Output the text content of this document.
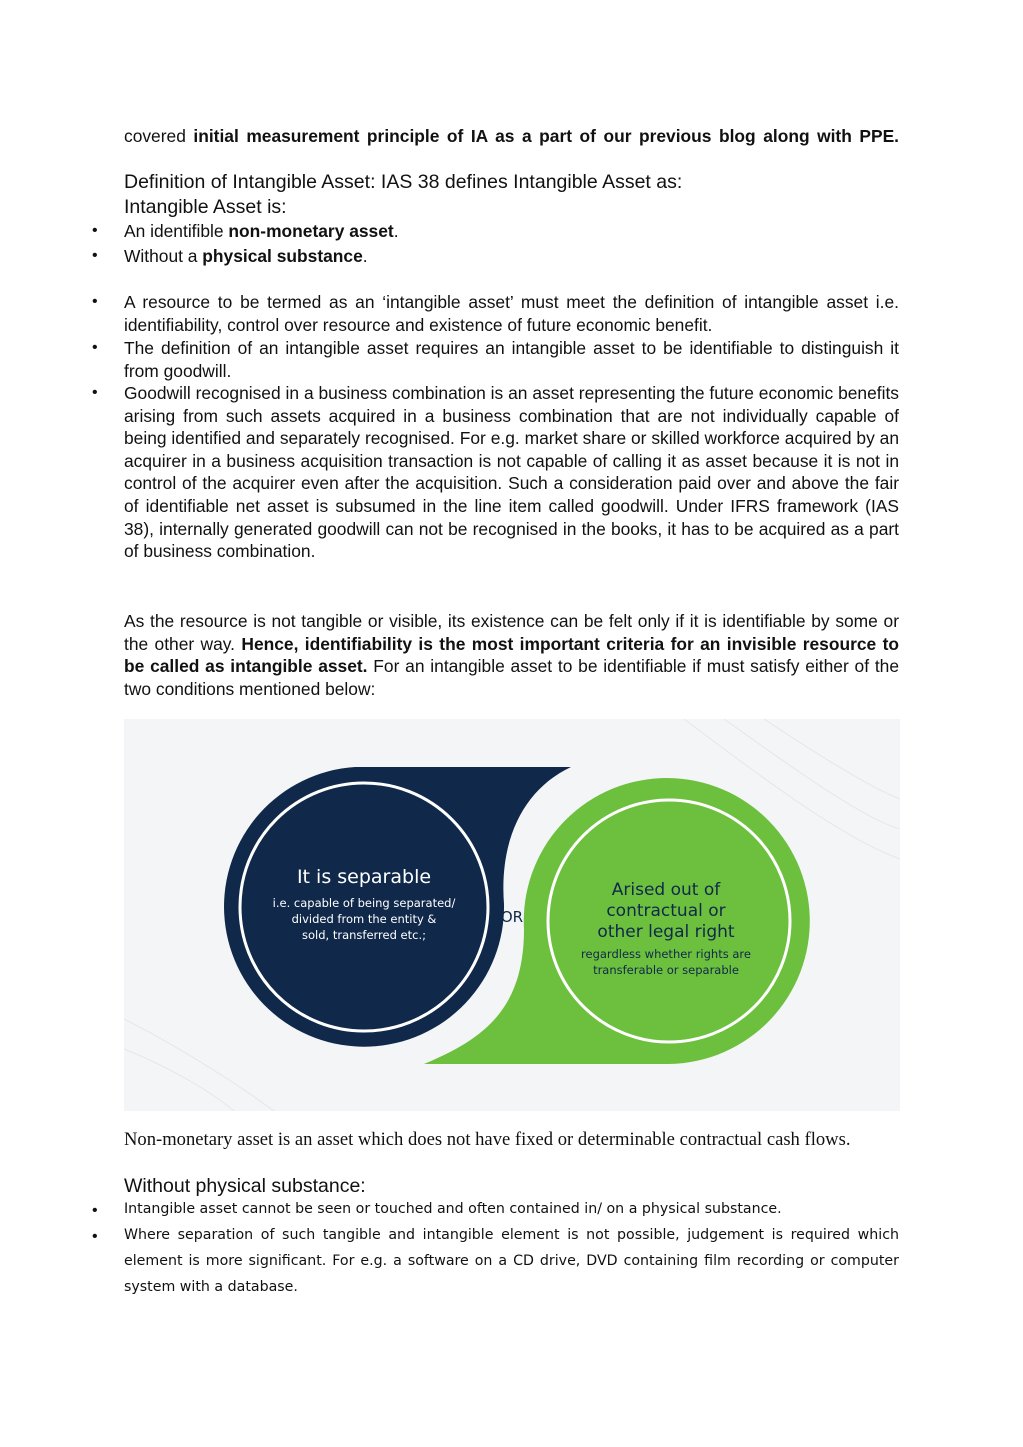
covered initial measurement principle of IA as a part of our previous blog along with PPE.
Definition of Intangible Asset: IAS 38 defines Intangible Asset as:
Intangible Asset is:
• An identifible non-monetary asset.
• Without a physical substance.
• A resource to be termed as an ‘intangible asset’ must meet the definition of intangible asset i.e. identifiability, control over resource and existence of future economic benefit.
• The definition of an intangible asset requires an intangible asset to be identifiable to distinguish it from goodwill.
• Goodwill recognised in a business combination is an asset representing the future economic benefits arising from such assets acquired in a business combination that are not individually capable of being identified and separately recognised. For e.g. market share or skilled workforce acquired by an acquirer in a business acquisition transaction is not capable of calling it as asset because it is not in control of the acquirer even after the acquisition. Such a consideration paid over and above the fair of identifiable net asset is subsumed in the line item called goodwill. Under IFRS framework (IAS 38), internally generated goodwill can not be recognised in the books, it has to be acquired as a part of business combination.
As the resource is not tangible or visible, its existence can be felt only if it is identifiable by some or the other way. Hence, identifiability is the most important criteria for an invisible resource to be called as intangible asset. For an intangible asset to be identifiable if must satisfy either of the two conditions mentioned below:
It is separable
i.e. capable of being separated/
divided from the entity &
sold, transferred etc.;
OR
Arised out of
contractual or
other legal right
regardless whether rights are
transferable or separable
Non-monetary asset is an asset which does not have fixed or determinable contractual cash flows.
Without physical substance:
• Intangible asset cannot be seen or touched and often contained in/ on a physical substance.
• Where separation of such tangible and intangible element is not possible, judgement is required which element is more significant. For e.g. a software on a CD drive, DVD containing film recording or computer system with a database.
